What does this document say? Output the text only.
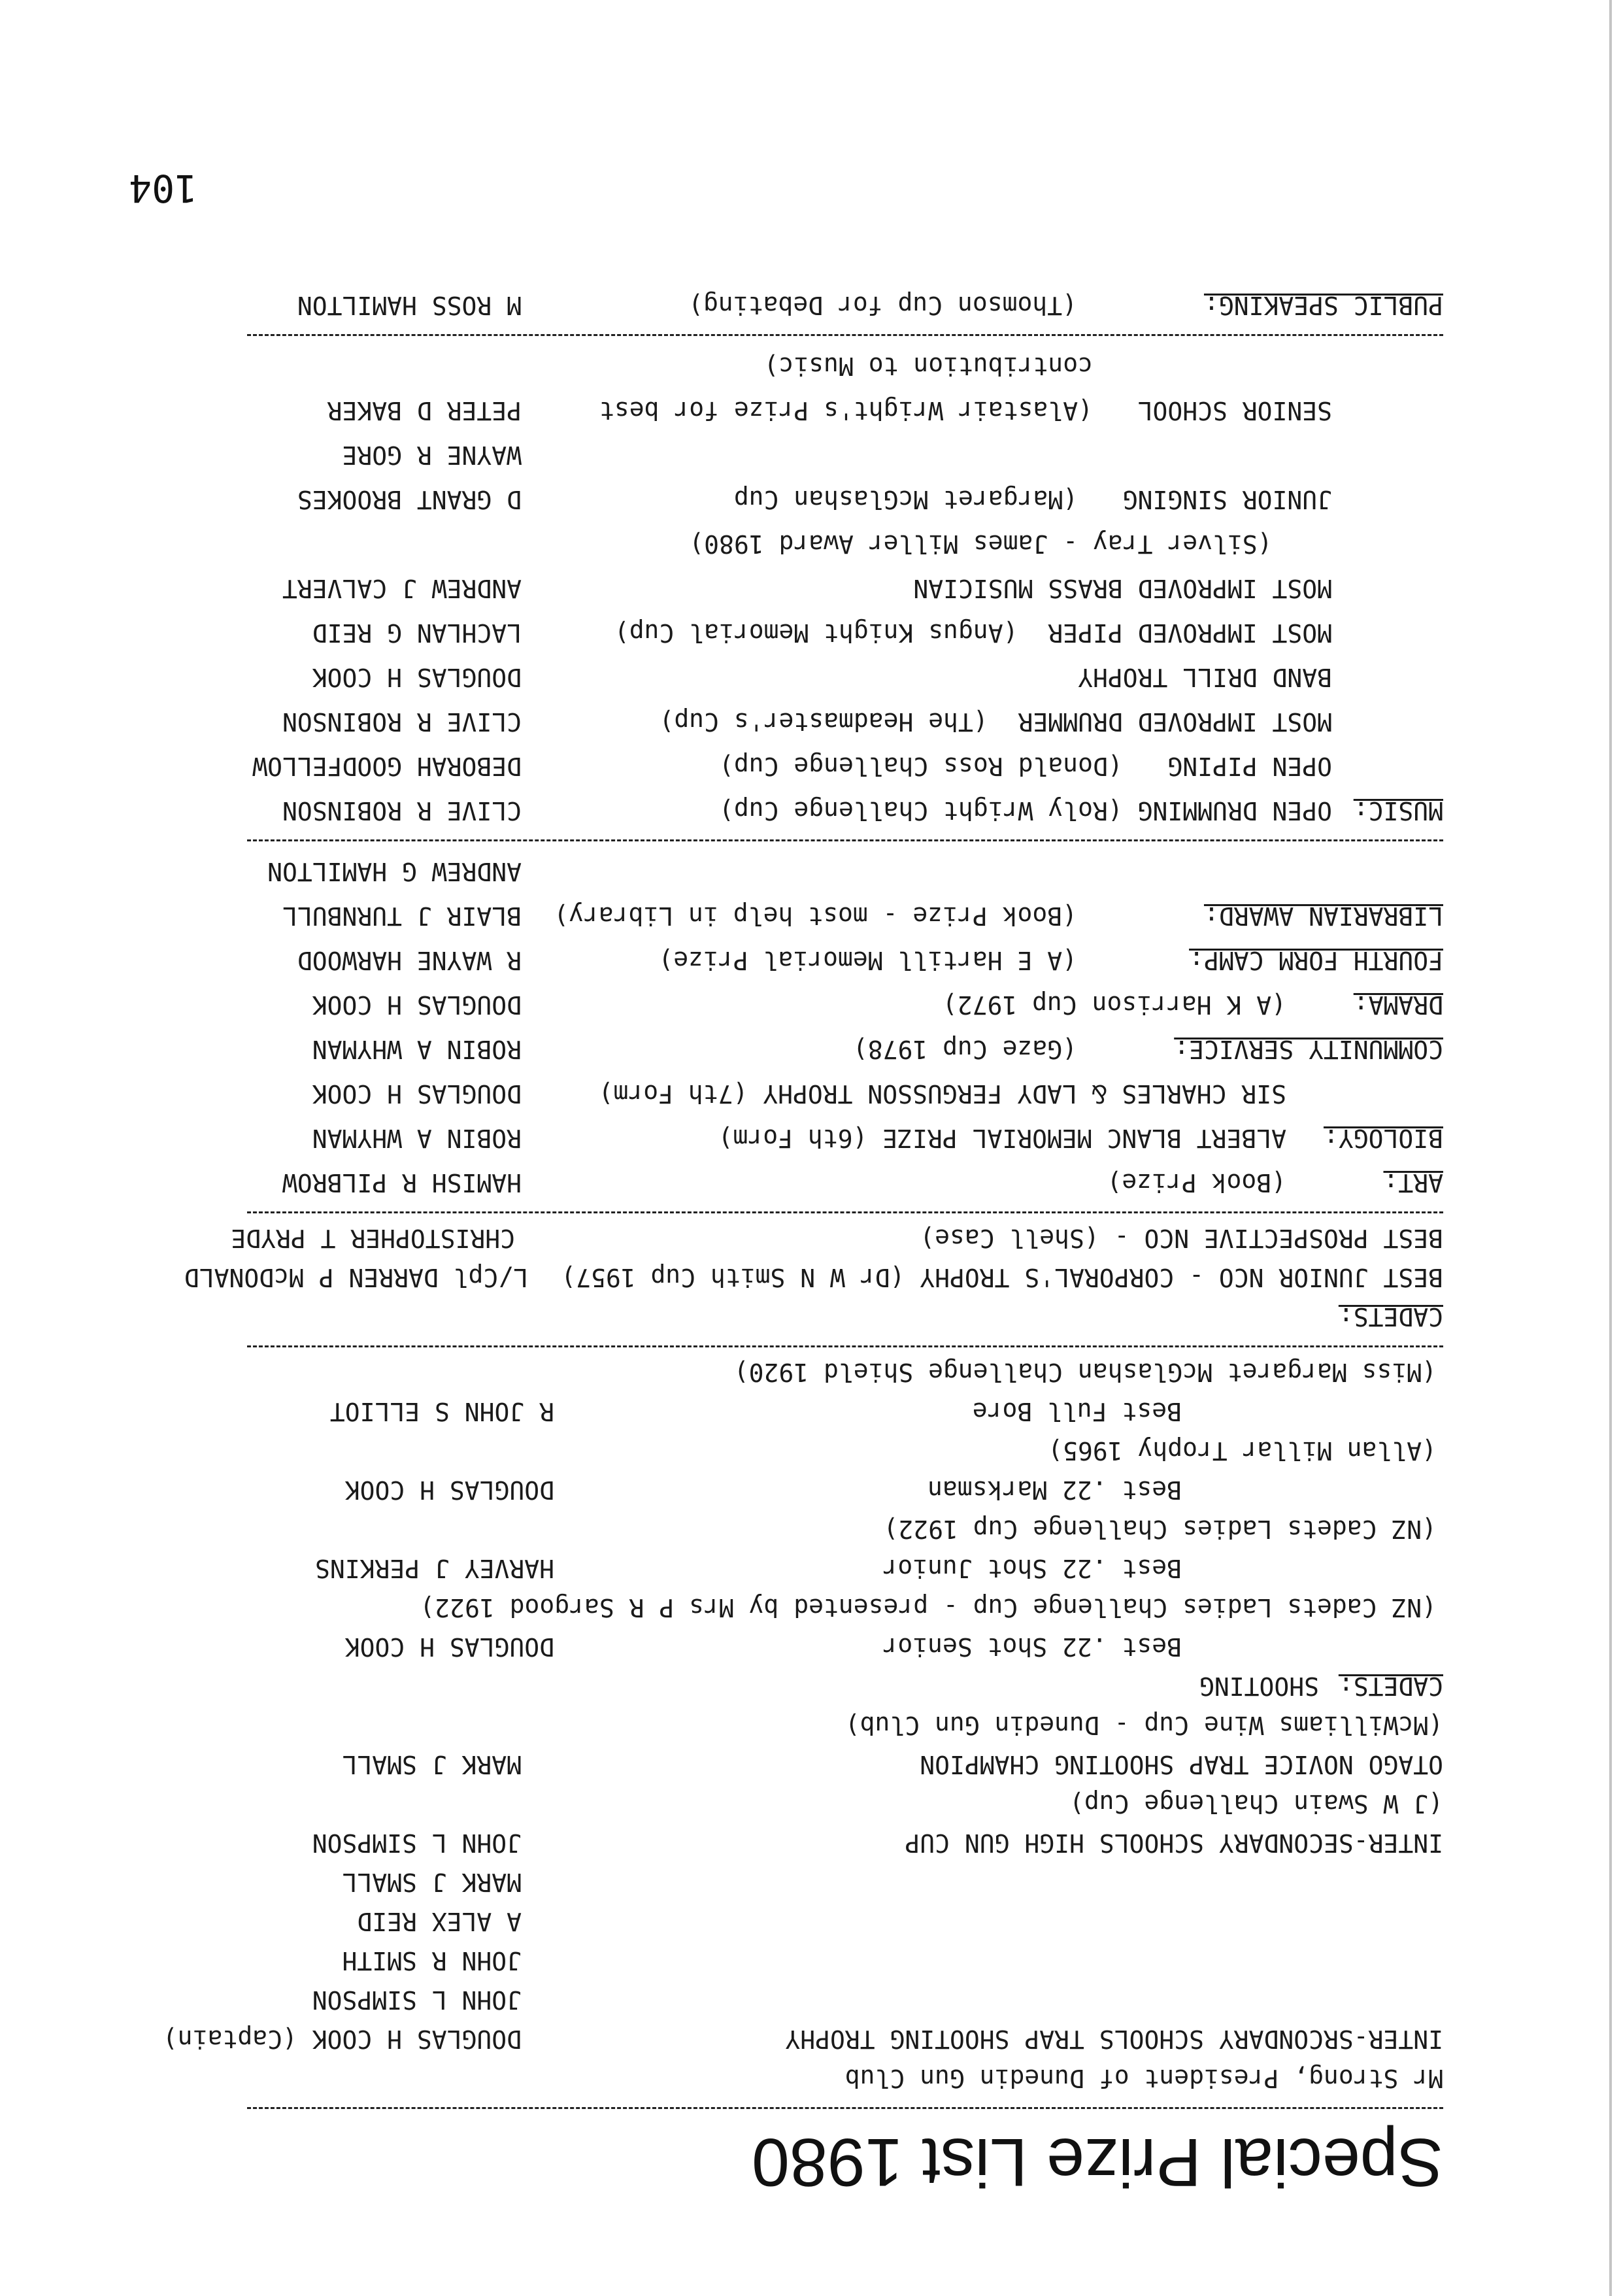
Special Prize List 1980
Mr Strong, President of Dunedin Gun Club
INTER-SRCONDARY SCHOOLS TRAP SHOOTING TROPHY
DOUGLAS H COOK (Captain)
JOHN L SIMPSON
JOHN R SMITH
A ALEX REID
MARK J SMALL
INTER-SECONDARY SCHOOLS HIGH GUN CUP
JOHN L SIMPSON
(J W Swain Challenge Cup)
OTAGO NOVICE TRAP SHOOTING CHAMPION
MARK J SMALL
(McWilliams Wine Cup - Dunedin Gun Club)
CADETS:
SHOOTING
Best .22 Shot Senior
DOUGLAS H COOK
(NZ Cadets Ladies Challenge Cup - presented by Mrs P R Sargood 1922)
Best .22 Shot Junior
HARVEY J PERKINS
(NZ Cadets Ladies Challenge Cup 1922)
Best .22 Marksman
DOUGLAS H COOK
(Allan Millar Trophy 1965)
Best Full Bore
R JOHN S ELLIOT
(Miss Margaret McGlashan Challenge Shield 1920)
CADETS:
BEST JUNIOR NCO - CORPORAL'S TROPHY (Dr W N Smith Cup 1957)
L/Cpl DARREN P McDONALD
BEST PROSPECTIVE NCO - (Shell Case)
CHRISTOPHER T PRYDE
ART:
(Book Prize)
HAMISH R PILBROW
BIOLOGY:
ALBERT BLANC MEMORIAL PRIZE (6th Form)
ROBIN A WHYMAN
SIR CHARLES & LADY FERGUSSON TROPHY (7th Form)
DOUGLAS H COOK
COMMUNITY SERVICE:
(Gaze Cup 1978)
ROBIN A WHYMAN
DRAMA:
(A K Harrison Cup 1972)
DOUGLAS H COOK
FOURTH FORM CAMP:
(A E Hartill Memorial Prize)
R WAYNE HARWOOD
LIBRARIAN AWARD:
(Book Prize - most help in Library)
BLAIR J TURNBULL
ANDREW G HAMILTON
MUSIC:
OPEN DRUMMING (Roly Wright Challenge Cup)
CLIVE R ROBINSON
OPEN PIPING   (Donald Ross Challenge Cup)
DEBORAH GOODFELLOW
MOST IMPROVED DRUMMER  (The Headmaster's Cup)
CLIVE R ROBINSON
BAND DRILL TROPHY
DOUGLAS H COOK
MOST IMPROVED PIPER  (Angus Knight Memorial Cup)
LACHLAN G REID
MOST IMPROVED BRASS MUSICIAN
ANDREW J CALVERT
(Silver Tray - James Miller Award 1980)
JUNIOR SINGING   (Margaret McGlashan Cup
D GRANT BROOKES
WAYNE R GORE
SENIOR SCHOOL   (Alastair Wright's Prize for best
PETER D BAKER
contribution to Music)
PUBLIC SPEAKING:
(Thomson Cup for Debating)
M ROSS HAMILTON
104
